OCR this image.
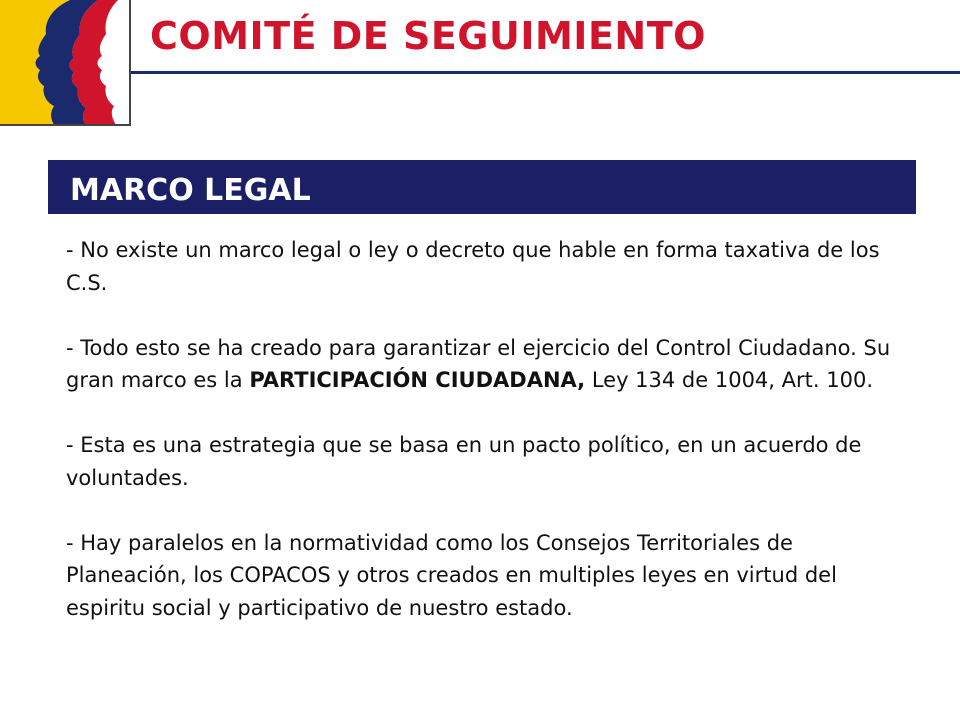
COMITÉ DE SEGUIMIENTO
MARCO LEGAL

- No existe un marco legal o ley o decreto que hable en forma taxativa de los C.S.

- Todo esto se ha creado para garantizar el ejercicio del Control Ciudadano. Su gran marco es la PARTICIPACIÓN CIUDADANA, Ley 134 de 1004, Art. 100.

- Esta es una estrategia que se basa en un pacto político, en un acuerdo de voluntades.

- Hay paralelos en la normatividad como los Consejos Territoriales de Planeación, los COPACOS y otros creados en multiples leyes en virtud del espiritu social y participativo de nuestro estado.
